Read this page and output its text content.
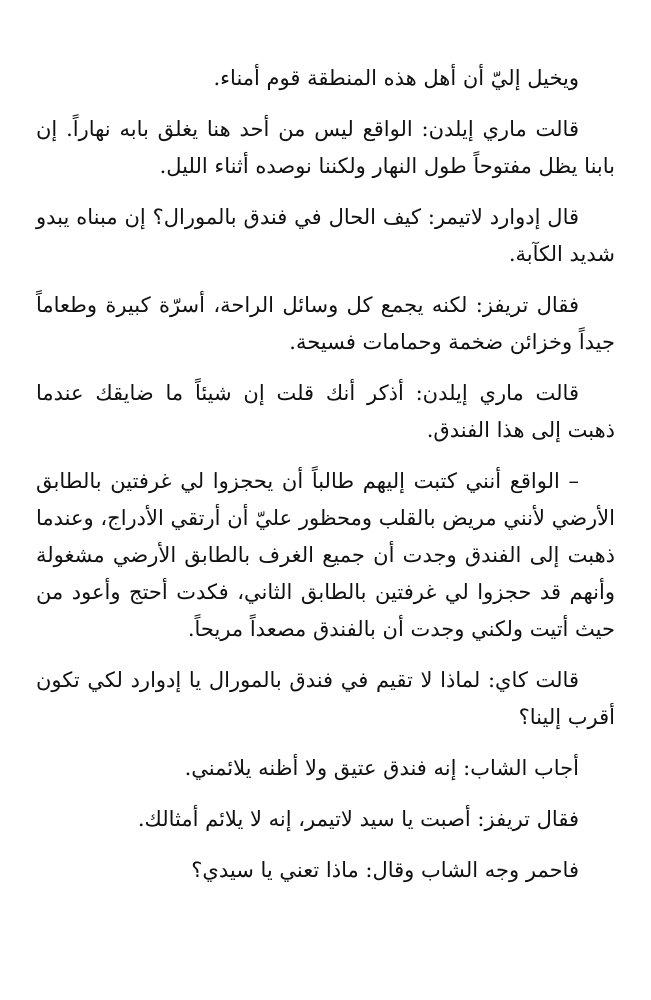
ويخيل إليّ أن أهل هذه المنطقة قوم أمناء.

قالت ماري إيلدن: الواقع ليس من أحد هنا يغلق بابه نهاراً. إن بابنا يظل مفتوحاً طول النهار ولكننا نوصده أثناء الليل.

قال إدوارد لاتيمر: كيف الحال في فندق بالمورال؟ إن مبناه يبدو شديد الكآبة.

فقال تريفز: لكنه يجمع كل وسائل الراحة، أسرّة كبيرة وطعاماً جيداً وخزائن ضخمة وحمامات فسيحة.

قالت ماري إيلدن: أذكر أنك قلت إن شيئاً ما ضايقك عندما ذهبت إلى هذا الفندق.

– الواقع أنني كتبت إليهم طالباً أن يحجزوا لي غرفتين بالطابق الأرضي لأنني مريض بالقلب ومحظور عليّ أن أرتقي الأدراج، وعندما ذهبت إلى الفندق وجدت أن جميع الغرف بالطابق الأرضي مشغولة وأنهم قد حجزوا لي غرفتين بالطابق الثاني، فكدت أحتج وأعود من حيث أتيت ولكني وجدت أن بالفندق مصعداً مريحاً.

قالت كاي: لماذا لا تقيم في فندق بالمورال يا إدوارد لكي تكون أقرب إلينا؟

أجاب الشاب: إنه فندق عتيق ولا أظنه يلائمني.

فقال تريفز: أصبت يا سيد لاتيمر، إنه لا يلائم أمثالك.

فاحمر وجه الشاب وقال: ماذا تعني يا سيدي؟
